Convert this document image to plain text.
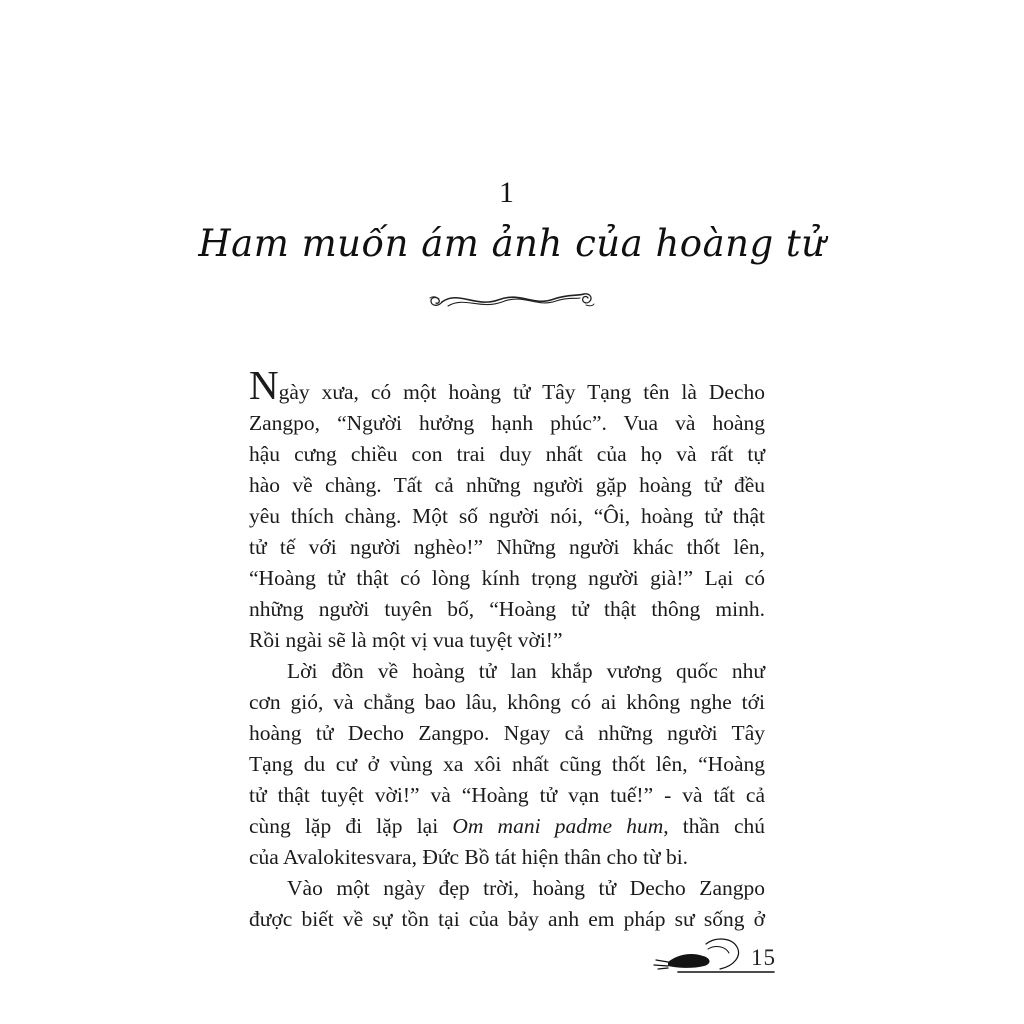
1
Ham muốn ám ảnh của hoàng tử
Ngày xưa, có một hoàng tử Tây Tạng tên là Decho
Zangpo, “Người hưởng hạnh phúc”. Vua và hoàng
hậu cưng chiều con trai duy nhất của họ và rất tự
hào về chàng. Tất cả những người gặp hoàng tử đều
yêu thích chàng. Một số người nói, “Ôi, hoàng tử thật
tử tế với người nghèo!” Những người khác thốt lên,
“Hoàng tử thật có lòng kính trọng người già!” Lại có
những người tuyên bố, “Hoàng tử thật thông minh.
Rồi ngài sẽ là một vị vua tuyệt vời!”
Lời đồn về hoàng tử lan khắp vương quốc như
cơn gió, và chẳng bao lâu, không có ai không nghe tới
hoàng tử Decho Zangpo. Ngay cả những người Tây
Tạng du cư ở vùng xa xôi nhất cũng thốt lên, “Hoàng
tử thật tuyệt vời!” và “Hoàng tử vạn tuế!” - và tất cả
cùng lặp đi lặp lại Om mani padme hum, thần chú
của Avalokitesvara, Đức Bồ tát hiện thân cho từ bi.
Vào một ngày đẹp trời, hoàng tử Decho Zangpo
được biết về sự tồn tại của bảy anh em pháp sư sống ở
15
